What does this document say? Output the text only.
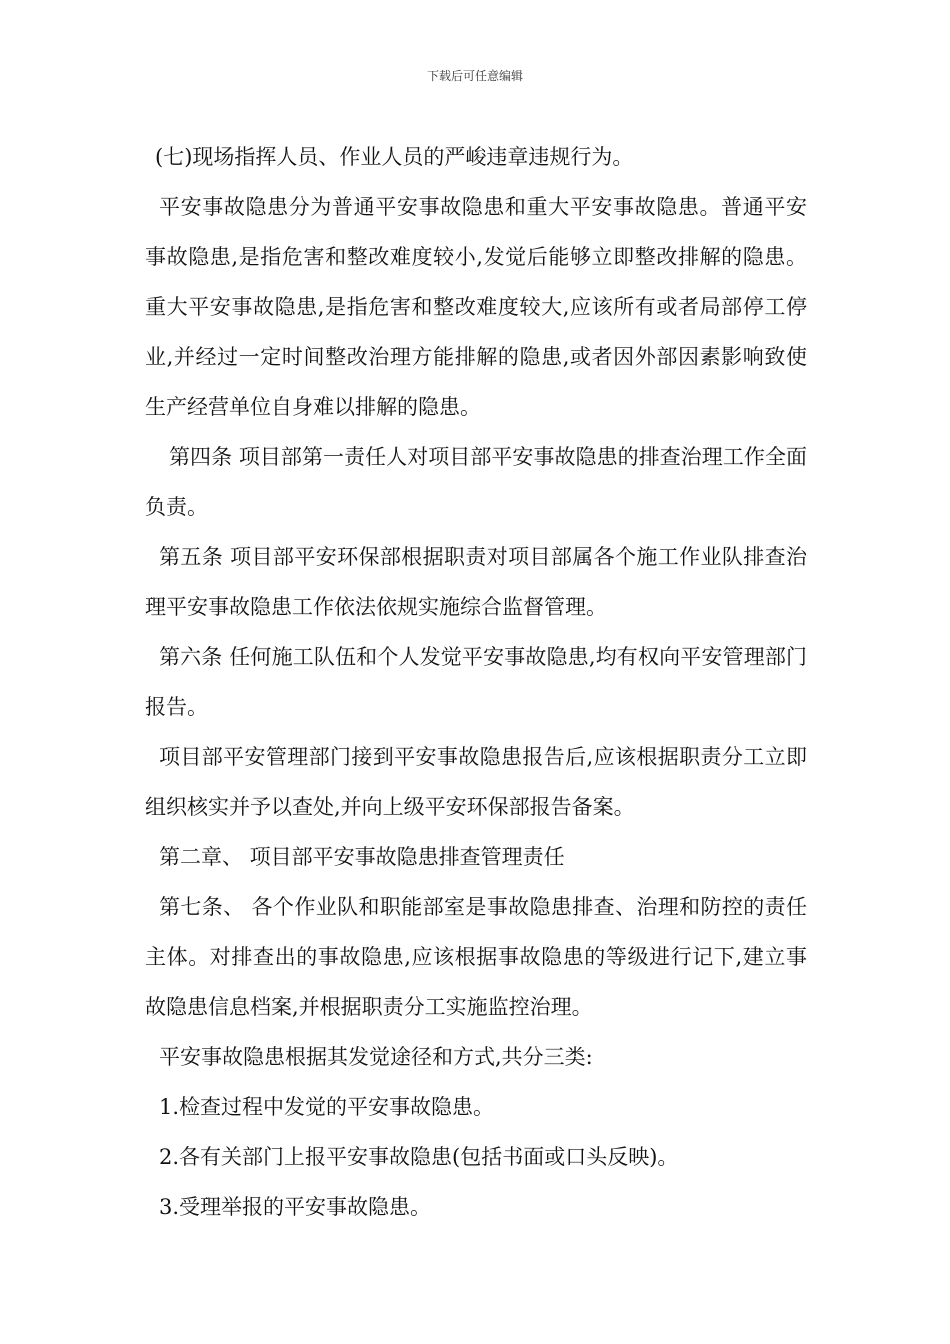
下载后可任意编辑

(七)现场指挥人员、作业人员的严峻违章违规行为。

平安事故隐患分为普通平安事故隐患和重大平安事故隐患。普通平安事故隐患,是指危害和整改难度较小,发觉后能够立即整改排解的隐患。重大平安事故隐患,是指危害和整改难度较大,应该所有或者局部停工停业,并经过一定时间整改治理方能排解的隐患,或者因外部因素影响致使生产经营单位自身难以排解的隐患。

第四条 项目部第一责任人对项目部平安事故隐患的排查治理工作全面负责。

第五条 项目部平安环保部根据职责对项目部属各个施工作业队排查治理平安事故隐患工作依法依规实施综合监督管理。

第六条 任何施工队伍和个人发觉平安事故隐患,均有权向平安管理部门报告。

项目部平安管理部门接到平安事故隐患报告后,应该根据职责分工立即组织核实并予以查处,并向上级平安环保部报告备案。

第二章、 项目部平安事故隐患排查管理责任

第七条、 各个作业队和职能部室是事故隐患排查、治理和防控的责任主体。对排查出的事故隐患,应该根据事故隐患的等级进行记下,建立事故隐患信息档案,并根据职责分工实施监控治理。

平安事故隐患根据其发觉途径和方式,共分三类:

1.检查过程中发觉的平安事故隐患。

2.各有关部门上报平安事故隐患(包括书面或口头反映)。

3.受理举报的平安事故隐患。
